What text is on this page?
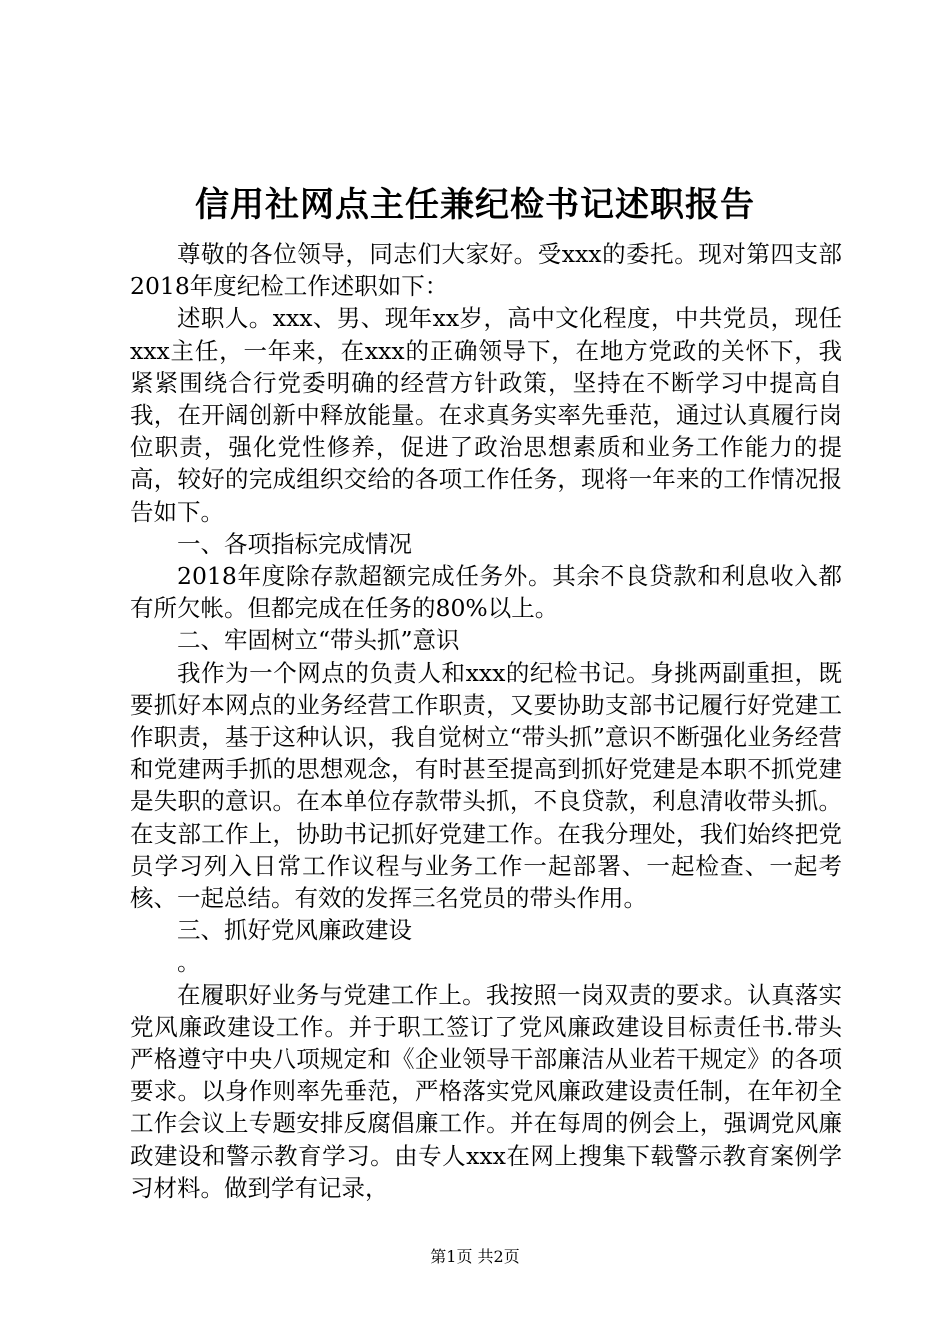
信用社网点主任兼纪检书记述职报告

尊敬的各位领导，同志们大家好。受xxx的委托。现对第四支部2018年度纪检工作述职如下：

述职人。xxx、男、现年xx岁，高中文化程度，中共党员，现任xxx主任，一年来，在xxx的正确领导下，在地方党政的关怀下，我紧紧围绕合行党委明确的经营方针政策，坚持在不断学习中提高自我，在开阔创新中释放能量。在求真务实率先垂范，通过认真履行岗位职责，强化党性修养，促进了政治思想素质和业务工作能力的提高，较好的完成组织交给的各项工作任务，现将一年来的工作情况报告如下。

一、各项指标完成情况

2018年度除存款超额完成任务外。其余不良贷款和利息收入都有所欠帐。但都完成在任务的80%以上。

二、牢固树立“带头抓”意识

我作为一个网点的负责人和xxx的纪检书记。身挑两副重担，既要抓好本网点的业务经营工作职责，又要协助支部书记履行好党建工作职责，基于这种认识，我自觉树立“带头抓”意识不断强化业务经营和党建两手抓的思想观念，有时甚至提高到抓好党建是本职不抓党建是失职的意识。在本单位存款带头抓，不良贷款，利息清收带头抓。在支部工作上，协助书记抓好党建工作。在我分理处，我们始终把党员学习列入日常工作议程与业务工作一起部署、一起检查、一起考核、一起总结。有效的发挥三名党员的带头作用。

三、抓好党风廉政建设

。

在履职好业务与党建工作上。我按照一岗双责的要求。认真落实党风廉政建设工作。并于职工签订了党风廉政建设目标责任书.带头严格遵守中央八项规定和《企业领导干部廉洁从业若干规定》的各项要求。以身作则率先垂范，严格落实党风廉政建设责任制，在年初全工作会议上专题安排反腐倡廉工作。并在每周的例会上，强调党风廉政建设和警示教育学习。由专人xxx在网上搜集下载警示教育案例学习材料。做到学有记录，

第1页 共2页
